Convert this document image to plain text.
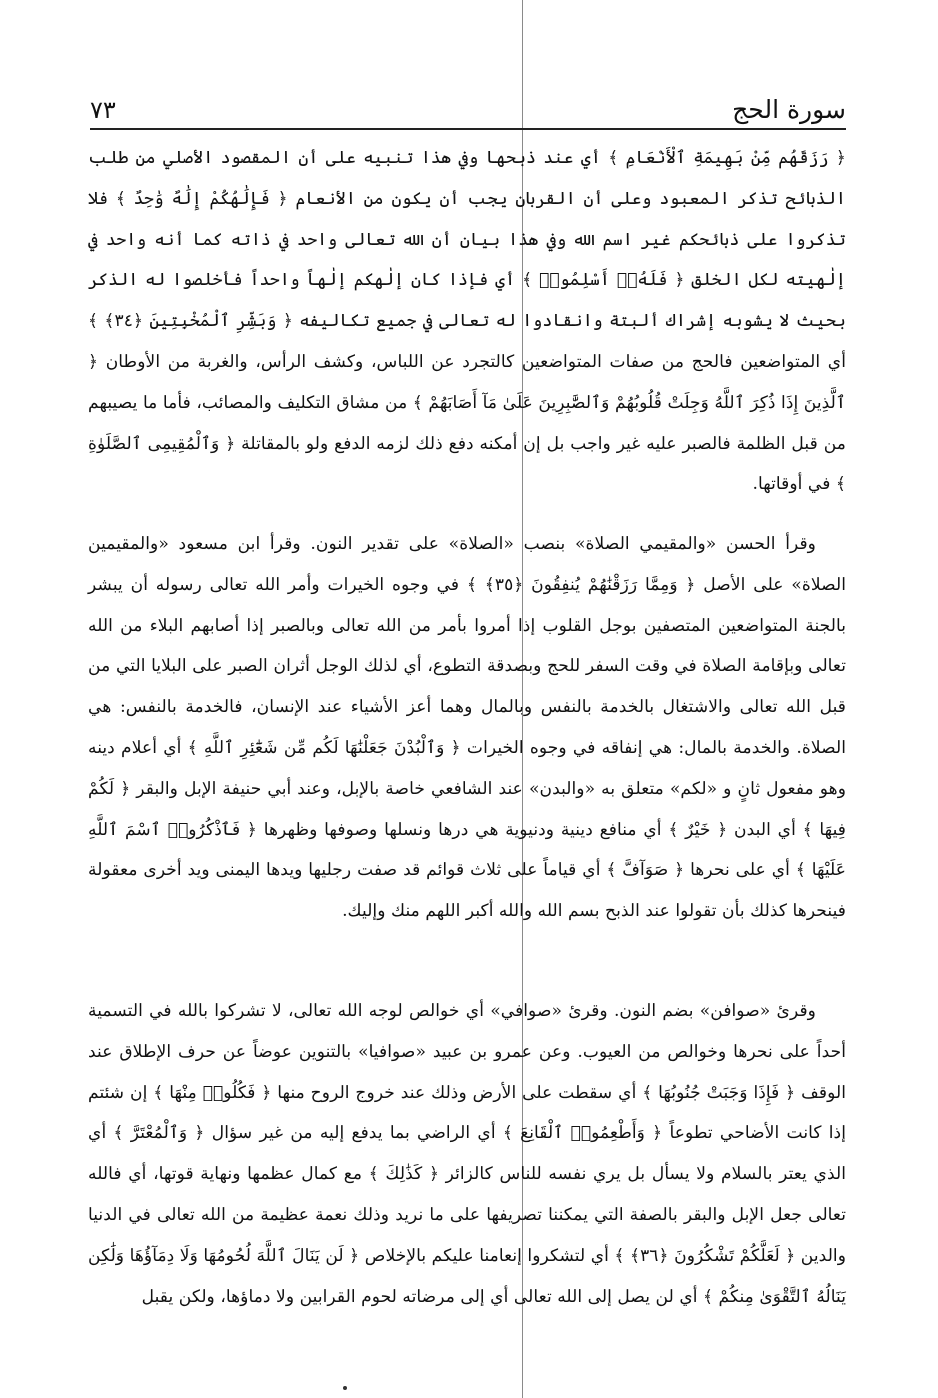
سورة الحج
٧٣

﴿ رَزَقَهُم مِّنْ بَهِيمَةِ ٱلْأَنْعَامِ ﴾ أي عند ذبحها وفي هذا تنبيه على أن المقصود الأصلي من طلب الذبائح تذكر المعبود وعلى أن القربان يجب أن يكون من الأنعام ﴿ فَإِلَٰهُكُمْ إِلَٰهٌ وَٰحِدٌ ﴾ فلا تذكروا على ذبائحكم غير اسم الله وفي هذا بيان أن الله تعالى واحد في ذاته كما أنه واحد في إلٰهيته لكل الخلق ﴿ فَلَهُۥٓ أَسْلِمُوا۟ ﴾ أي فإذا كان إلٰهكم إلٰهاً واحداً فأخلصوا له الذكر بحيث لا يشوبه إشراك ألبتة وانقادوا له تعالى في جميع تكاليفه ﴿ وَبَشِّرِ ٱلْمُخْبِتِينَ ﴿٣٤﴾ ﴾ أي المتواضعين فالحج من صفات المتواضعين كالتجرد عن اللباس، وكشف الرأس، والغربة من الأوطان ﴿ ٱلَّذِينَ إِذَا ذُكِرَ ٱللَّهُ وَجِلَتْ قُلُوبُهُمْ وَٱلصَّٰبِرِينَ عَلَىٰ مَآ أَصَابَهُمْ ﴾ من مشاق التكليف والمصائب، فأما ما يصيبهم من قبل الظلمة فالصبر عليه غير واجب بل إن أمكنه دفع ذلك لزمه الدفع ولو بالمقاتلة ﴿ وَٱلْمُقِيمِى ٱلصَّلَوٰةِ ﴾ في أوقاتها.

وقرأ الحسن «والمقيمي الصلاة» بنصب «الصلاة» على تقدير النون. وقرأ ابن مسعود «والمقيمين الصلاة» على الأصل ﴿ وَمِمَّا رَزَقْنَٰهُمْ يُنفِقُونَ ﴿٣٥﴾ ﴾ في وجوه الخيرات وأمر الله تعالى رسوله أن يبشر بالجنة المتواضعين المتصفين بوجل القلوب إذا أمروا بأمر من الله تعالى وبالصبر إذا أصابهم البلاء من الله تعالى وبإقامة الصلاة في وقت السفر للحج وبصدقة التطوع، أي لذلك الوجل أثران الصبر على البلايا التي من قبل الله تعالى والاشتغال بالخدمة بالنفس وبالمال وهما أعز الأشياء عند الإنسان، فالخدمة بالنفس: هي الصلاة. والخدمة بالمال: هي إنفاقه في وجوه الخيرات ﴿ وَٱلْبُدْنَ جَعَلْنَٰهَا لَكُم مِّن شَعَٰٓئِرِ ٱللَّهِ ﴾ أي أعلام دينه وهو مفعول ثانٍ و «لكم» متعلق به «والبدن» عند الشافعي خاصة بالإبل، وعند أبي حنيفة الإبل والبقر ﴿ لَكُمْ فِيهَا ﴾ أي البدن ﴿ خَيْرٌ ﴾ أي منافع دينية ودنيوية هي درها ونسلها وصوفها وظهرها ﴿ فَٱذْكُرُوا۟ ٱسْمَ ٱللَّهِ عَلَيْهَا ﴾ أي على نحرها ﴿ صَوَآفَّ ﴾ أي قياماً على ثلاث قوائم قد صفت رجليها ويدها اليمنى ويد أخرى معقولة فينحرها كذلك بأن تقولوا عند الذبح بسم الله والله أكبر اللهم منك وإليك.

وقرئ «صوافن» بضم النون. وقرئ «صوافي» أي خوالص لوجه الله تعالى، لا تشركوا بالله في التسمية أحداً على نحرها وخوالص من العيوب. وعن عمرو بن عبيد «صوافيا» بالتنوين عوضاً عن حرف الإطلاق عند الوقف ﴿ فَإِذَا وَجَبَتْ جُنُوبُهَا ﴾ أي سقطت على الأرض وذلك عند خروج الروح منها ﴿ فَكُلُوا۟ مِنْهَا ﴾ إن شئتم إذا كانت الأضاحي تطوعاً ﴿ وَأَطْعِمُوا۟ ٱلْقَانِعَ ﴾ أي الراضي بما يدفع إليه من غير سؤال ﴿ وَٱلْمُعْتَرَّ ﴾ أي الذي يعتر بالسلام ولا يسأل بل يري نفسه للناس كالزائر ﴿ كَذَٰلِكَ ﴾ مع كمال عظمها ونهاية قوتها، أي فالله تعالى جعل الإبل والبقر بالصفة التي يمكننا تصريفها على ما نريد وذلك نعمة عظيمة من الله تعالى في الدنيا والدين ﴿ لَعَلَّكُمْ تَشْكُرُونَ ﴿٣٦﴾ ﴾ أي لتشكروا إنعامنا عليكم بالإخلاص ﴿ لَن يَنَالَ ٱللَّهَ لُحُومُهَا وَلَا دِمَآؤُهَا وَلَٰكِن يَنَالُهُ ٱلتَّقْوَىٰ مِنكُمْ ﴾ أي لن يصل إلى الله تعالى أي إلى مرضاته لحوم القرابين ولا دماؤها، ولكن يقبل
